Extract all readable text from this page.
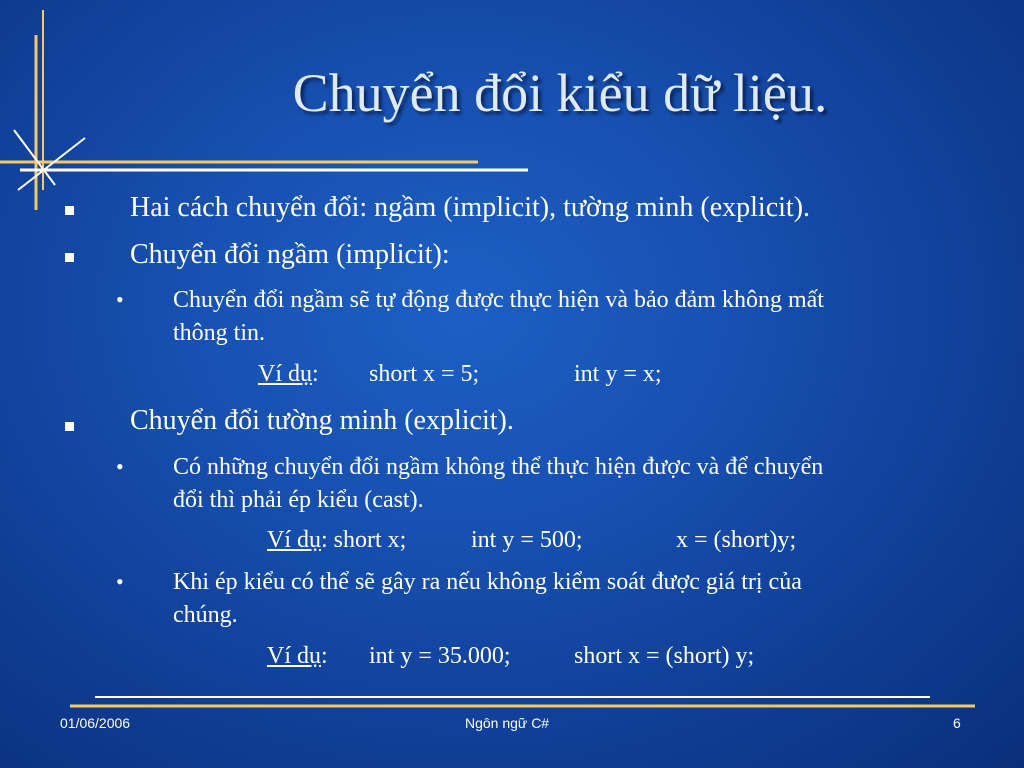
Chuyển đổi kiểu dữ liệu.
Hai cách chuyển đổi: ngầm (implicit), tường minh (explicit).
Chuyển đổi ngầm (implicit):
• Chuyển đổi ngầm sẽ tự động được thực hiện và bảo đảm không mất
thông tin.
Ví dụ: short x = 5;	int y = x;
Chuyển đổi tường minh (explicit).
• Có những chuyển đổi ngầm không thể thực hiện được và để chuyển
đổi thì phải ép kiểu (cast).
Ví dụ: short x;	int y = 500;	x = (short)y;
• Khi ép kiểu có thể sẽ gây ra nếu không kiểm soát được giá trị của
chúng.
Ví dụ: int y = 35.000;	short x = (short) y;
01/06/2006	Ngôn ngữ C#	6
